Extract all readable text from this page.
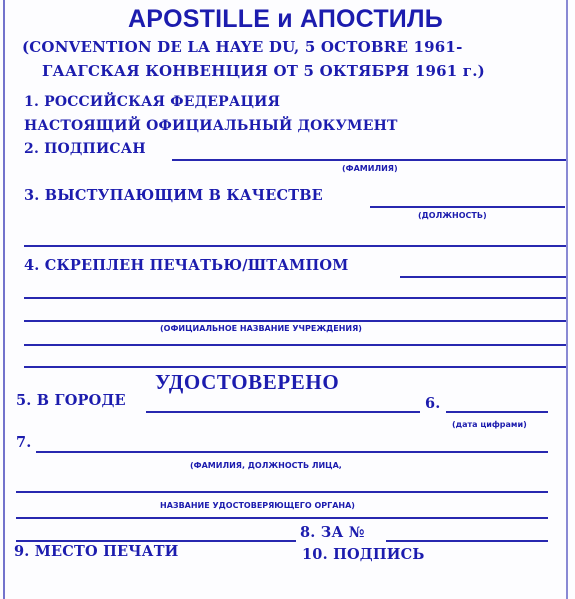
APOSTILLE и АПОСТИЛЬ
(CONVENTION DE LA HAYE DU, 5 OCTOBRE 1961-
ГААГСКАЯ КОНВЕНЦИЯ ОТ 5 ОКТЯБРЯ 1961 г.)
1. РОССИЙСКАЯ ФЕДЕРАЦИЯ
НАСТОЯЩИЙ ОФИЦИАЛЬНЫЙ ДОКУМЕНТ
2. ПОДПИСАН
(ФАМИЛИЯ)
3. ВЫСТУПАЮЩИМ В КАЧЕСТВЕ
(ДОЛЖНОСТЬ)
4. СКРЕПЛЕН ПЕЧАТЬЮ/ШТАМПОМ
(ОФИЦИАЛЬНОЕ НАЗВАНИЕ УЧРЕЖДЕНИЯ)
УДОСТОВЕРЕНО
5. В ГОРОДЕ	6.
(дата цифрами)
7.
(ФАМИЛИЯ, ДОЛЖНОСТЬ ЛИЦА,
НАЗВАНИЕ УДОСТОВЕРЯЮЩЕГО ОРГАНА)
8. ЗА №
9. МЕСТО ПЕЧАТИ	10. ПОДПИСЬ
